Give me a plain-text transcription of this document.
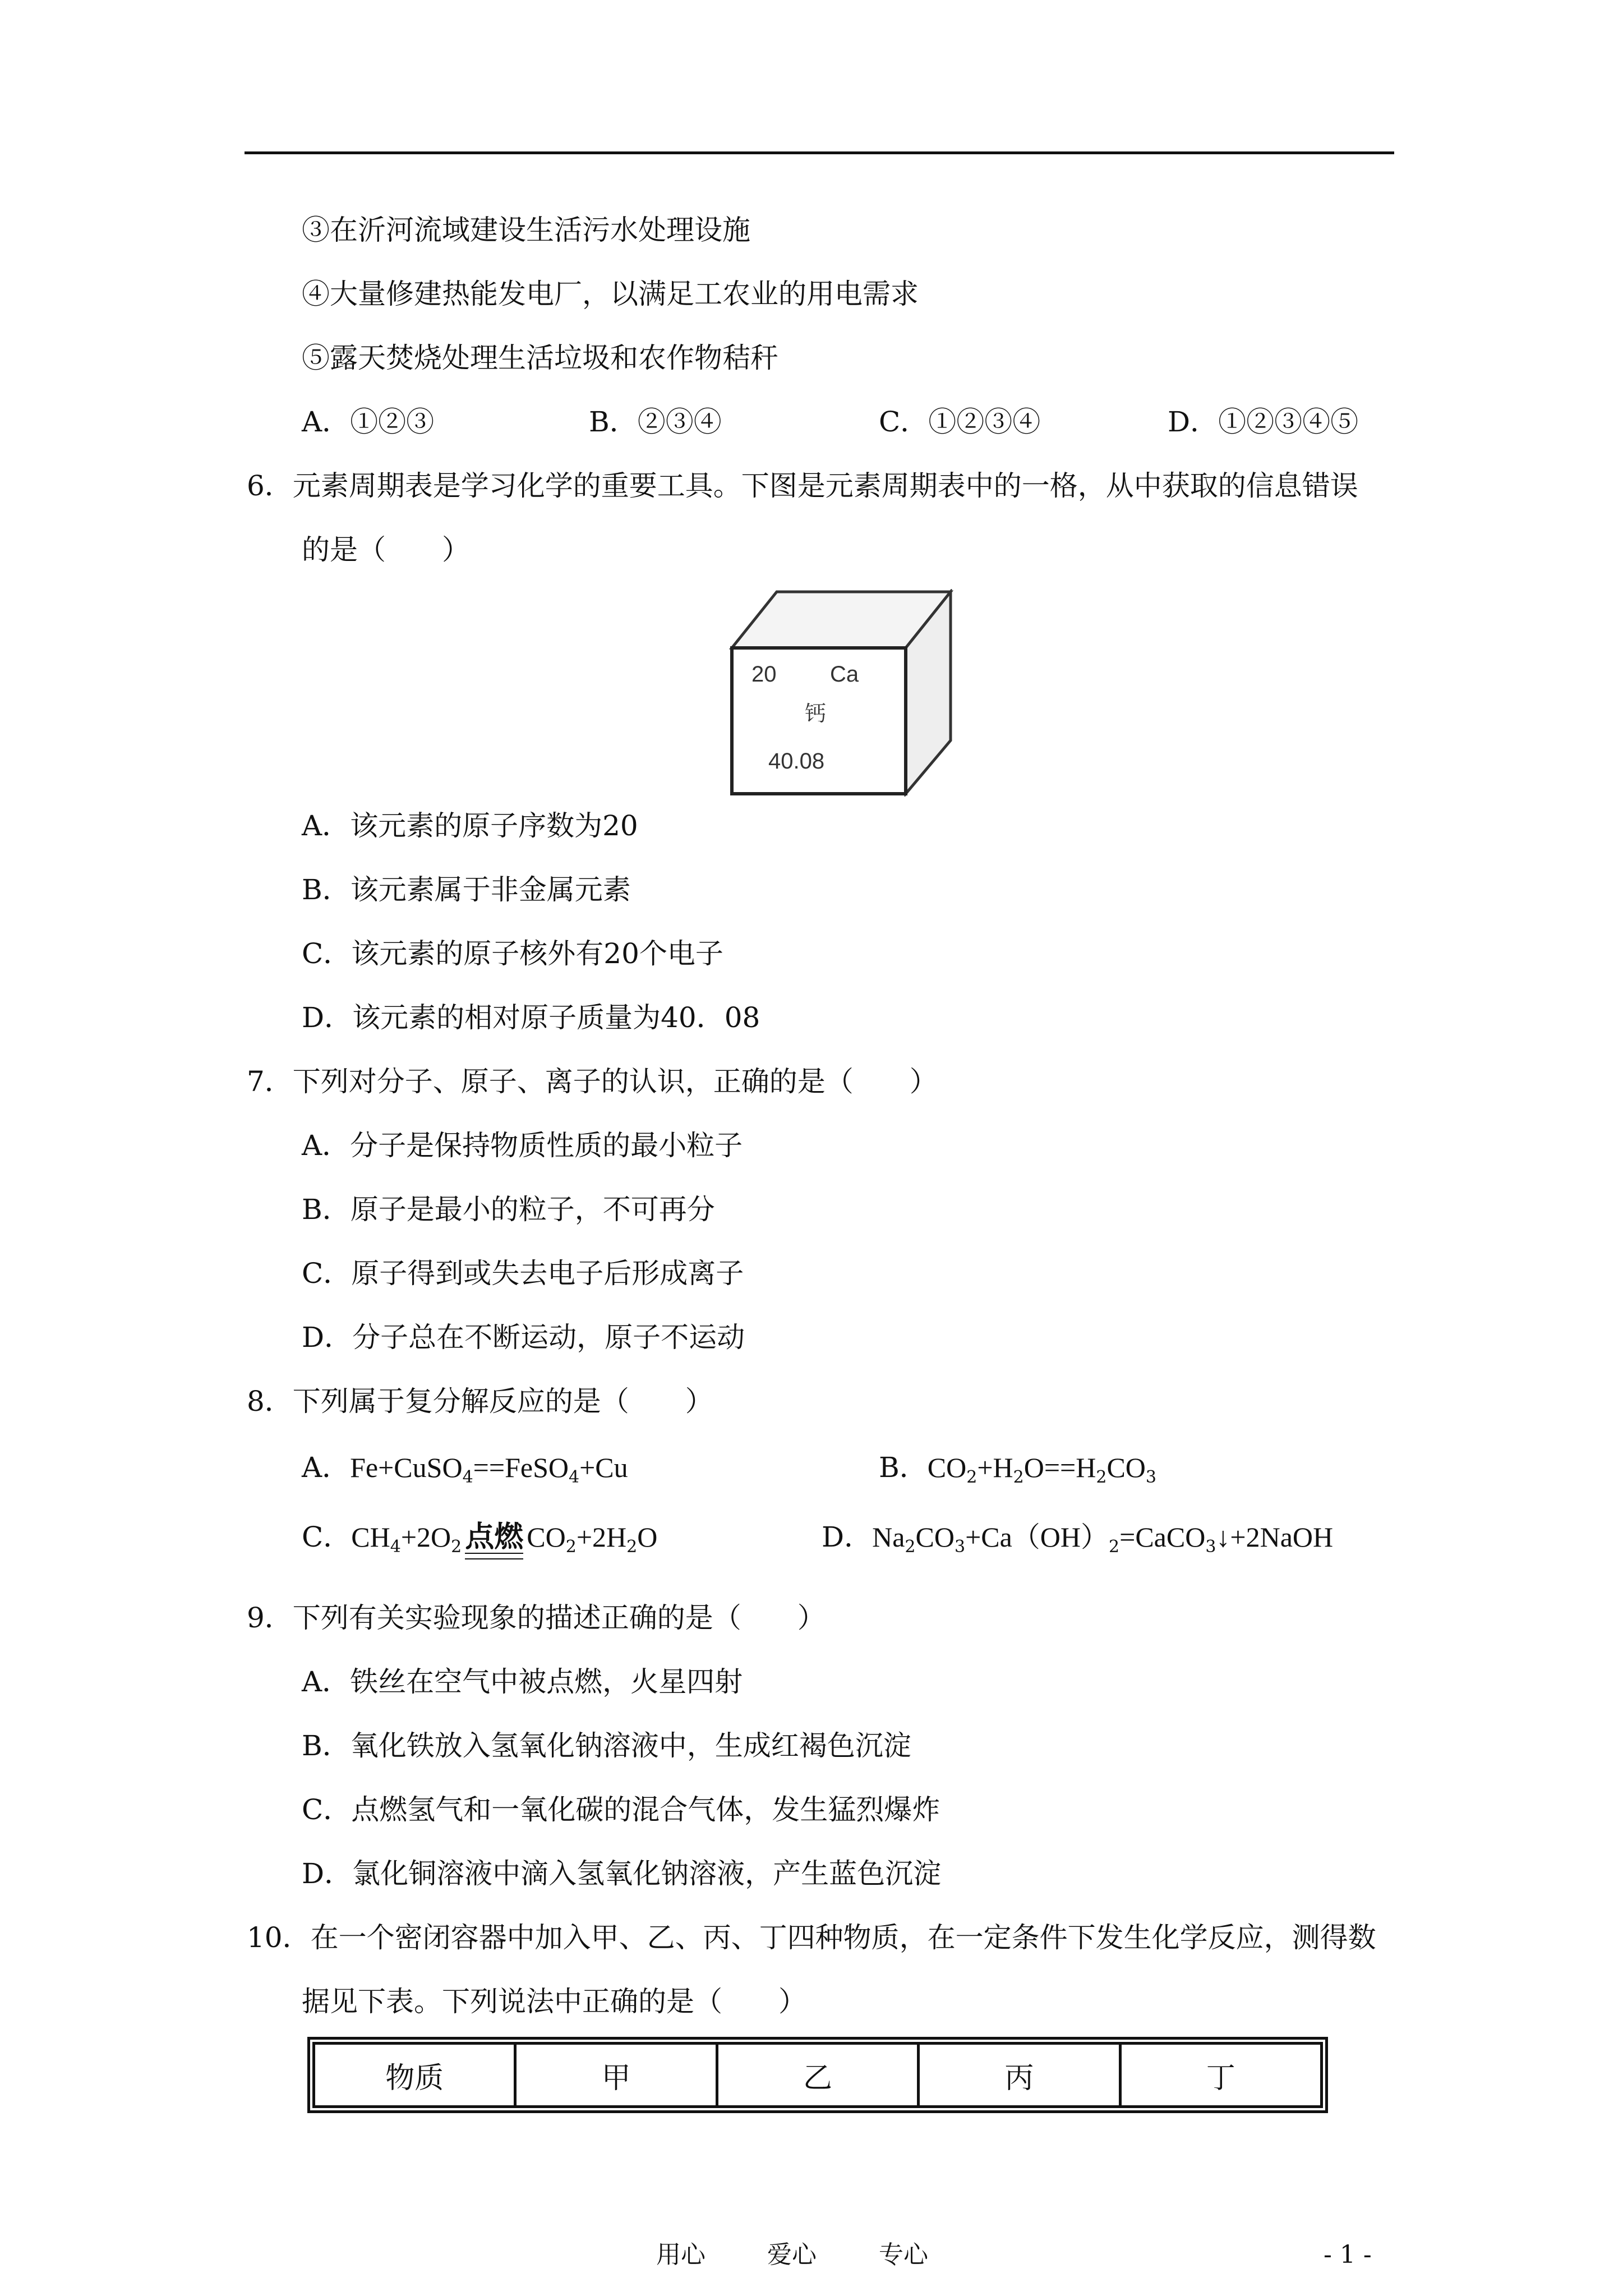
③在沂河流域建设生活污水处理设施
④大量修建热能发电厂，以满足工农业的用电需求
⑤露天焚烧处理生活垃圾和农作物秸秆
A．①②③	B．②③④	C．①②③④	D．①②③④⑤
6．元素周期表是学习化学的重要工具。下图是元素周期表中的一格，从中获取的信息错误
的是（　　）
20 Ca
钙
40.08
A．该元素的原子序数为20
B．该元素属于非金属元素
C．该元素的原子核外有20个电子
D．该元素的相对原子质量为40．08
7．下列对分子、原子、离子的认识，正确的是（　　）
A．分子是保持物质性质的最小粒子
B．原子是最小的粒子，不可再分
C．原子得到或失去电子后形成离子
D．分子总在不断运动，原子不运动
8．下列属于复分解反应的是（　　）
A．Fe+CuSO$_4$==FeSO$_4$+Cu	B．$CO_2+H_2O==H_2CO_3$
C．$CH_4+2O_2$ 点燃 $CO_2+2H_2O$	D．$Na_2CO_3+Ca(OH)_2=CaCO_3↓+2NaOH$
9．下列有关实验现象的描述正确的是（　　）
A．铁丝在空气中被点燃，火星四射
B．氧化铁放入氢氧化钠溶液中，生成红褐色沉淀
C．点燃氢气和一氧化碳的混合气体，发生猛烈爆炸
D．氯化铜溶液中滴入氢氧化钠溶液，产生蓝色沉淀
10．在一个密闭容器中加入甲、乙、丙、丁四种物质，在一定条件下发生化学反应，测得数
据见下表。下列说法中正确的是（　　）
物质	甲	乙	丙	丁
用心	爱心	专心	- 1 -
